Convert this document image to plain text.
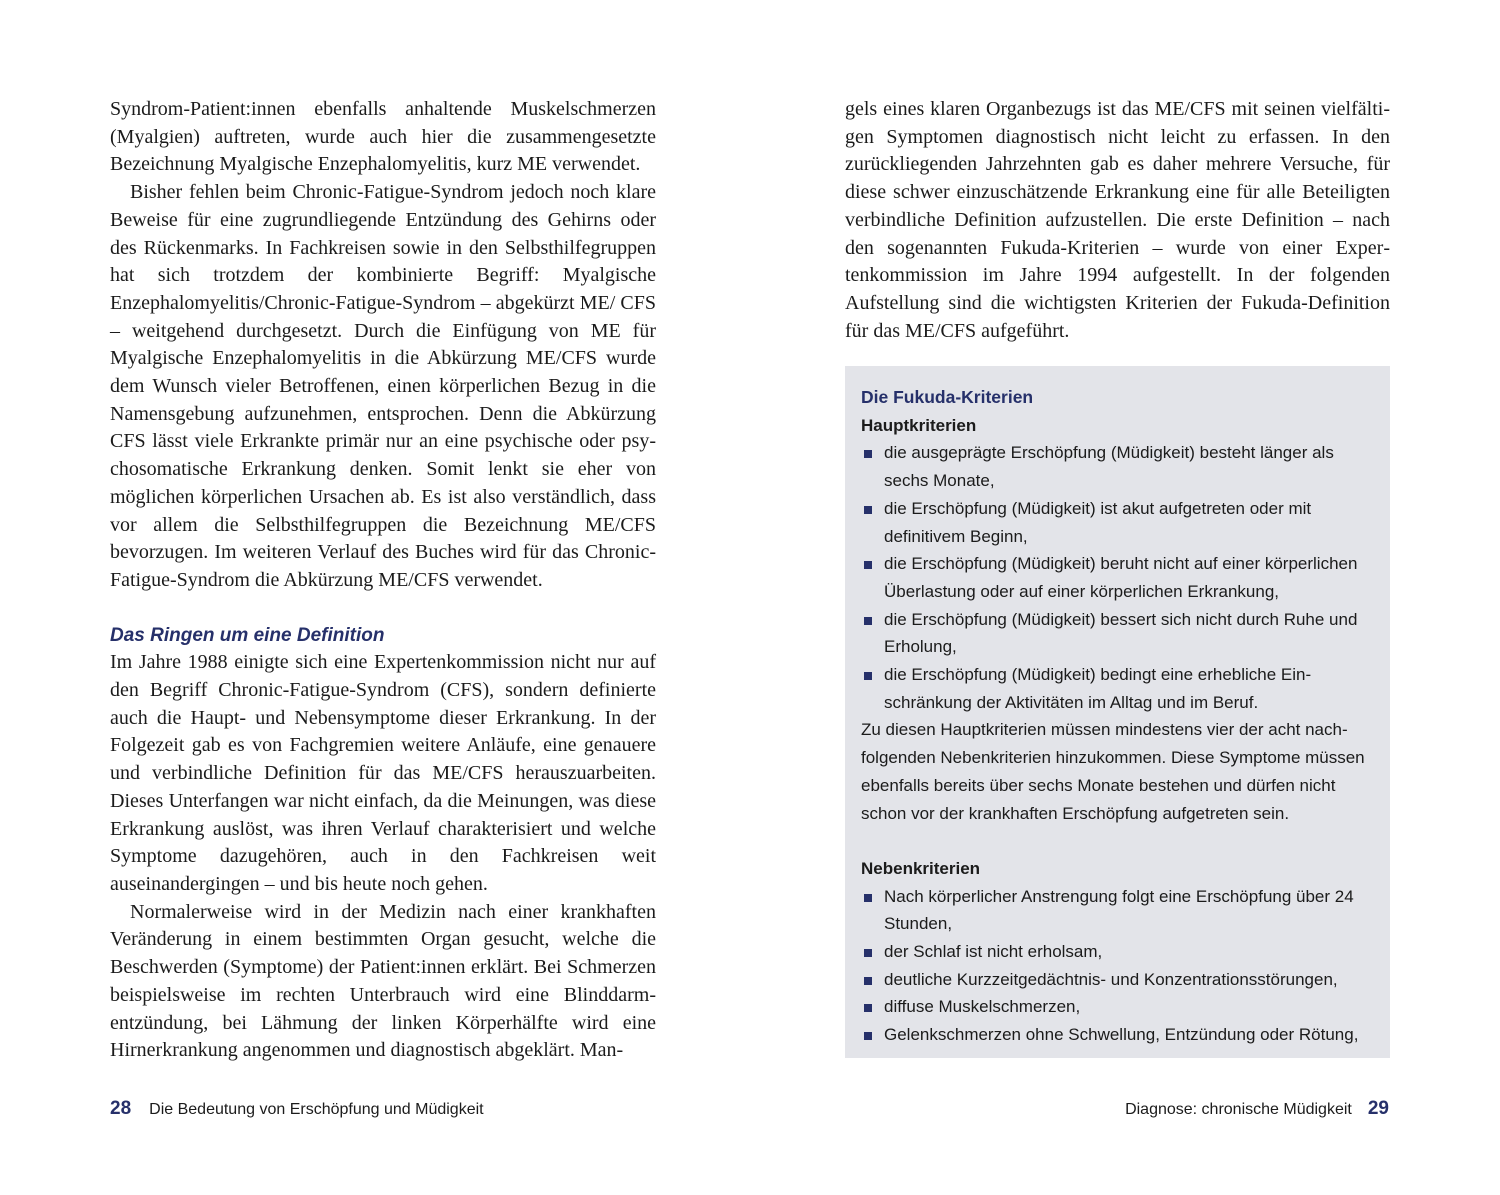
Syndrom-Patient:innen ebenfalls anhaltende Muskelschmerzen (Myalgien) auftreten, wurde auch hier die zusammengesetzte Bezeichnung Myalgische Enzephalomyelitis, kurz ME verwendet.

Bisher fehlen beim Chronic-Fatigue-Syndrom jedoch noch klare Beweise für eine zugrundliegende Entzündung des Gehirns oder des Rückenmarks. In Fachkreisen sowie in den Selbsthilfegruppen hat sich trotzdem der kombinierte Begriff: Myalgische Enzephalomyelitis/Chronic-Fatigue-Syndrom – abgekürzt ME/ CFS – weitgehend durchgesetzt. Durch die Einfügung von ME für Myalgische Enzephalomyelitis in die Abkürzung ME/CFS wurde dem Wunsch vieler Betroffenen, einen körperlichen Bezug in die Namensgebung aufzunehmen, entsprochen. Denn die Abkürzung CFS lässt viele Erkrankte primär nur an eine psychische oder psychosomatische Erkrankung denken. Somit lenkt sie eher von möglichen körperlichen Ursachen ab. Es ist also verständlich, dass vor allem die Selbsthilfegruppen die Bezeichnung ME/CFS bevorzugen. Im weiteren Verlauf des Buches wird für das Chronic-Fatigue-Syndrom die Abkürzung ME/CFS verwendet.

Das Ringen um eine Definition

Im Jahre 1988 einigte sich eine Expertenkommission nicht nur auf den Begriff Chronic-Fatigue-Syndrom (CFS), sondern definierte auch die Haupt- und Nebensymptome dieser Erkrankung. In der Folgezeit gab es von Fachgremien weitere Anläufe, eine genauere und verbindliche Definition für das ME/CFS herauszuarbeiten. Dieses Unterfangen war nicht einfach, da die Meinungen, was diese Erkrankung auslöst, was ihren Verlauf charakterisiert und welche Symptome dazugehören, auch in den Fachkreisen weit auseinandergingen – und bis heute noch gehen.

Normalerweise wird in der Medizin nach einer krankhaften Veränderung in einem bestimmten Organ gesucht, welche die Beschwerden (Symptome) der Patient:innen erklärt. Bei Schmerzen beispielsweise im rechten Unterbrauch wird eine Blinddarmentzündung, bei Lähmung der linken Körperhälfte wird eine Hirnerkrankung angenommen und diagnostisch abgeklärt. Man-

28 Die Bedeutung von Erschöpfung und Müdigkeit

gels eines klaren Organbezugs ist das ME/CFS mit seinen vielfältigen Symptomen diagnostisch nicht leicht zu erfassen. In den zurückliegenden Jahrzehnten gab es daher mehrere Versuche, für diese schwer einzuschätzende Erkrankung eine für alle Beteiligten verbindliche Definition aufzustellen. Die erste Definition – nach den sogenannten Fukuda-Kriterien – wurde von einer Expertenkommission im Jahre 1994 aufgestellt. In der folgenden Aufstellung sind die wichtigsten Kriterien der Fukuda-Definition für das ME/CFS aufgeführt.

Die Fukuda-Kriterien
Hauptkriterien
die ausgeprägte Erschöpfung (Müdigkeit) besteht länger als sechs Monate,
die Erschöpfung (Müdigkeit) ist akut aufgetreten oder mit definitivem Beginn,
die Erschöpfung (Müdigkeit) beruht nicht auf einer körperlichen Überlastung oder auf einer körperlichen Erkrankung,
die Erschöpfung (Müdigkeit) bessert sich nicht durch Ruhe und Erholung,
die Erschöpfung (Müdigkeit) bedingt eine erhebliche Einschränkung der Aktivitäten im Alltag und im Beruf.

Zu diesen Hauptkriterien müssen mindestens vier der acht nachfolgenden Nebenkriterien hinzukommen. Diese Symptome müssen ebenfalls bereits über sechs Monate bestehen und dürfen nicht schon vor der krankhaften Erschöpfung aufgetreten sein.

Nebenkriterien
Nach körperlicher Anstrengung folgt eine Erschöpfung über 24 Stunden,
der Schlaf ist nicht erholsam,
deutliche Kurzzeitgedächtnis- und Konzentrationsstörungen,
diffuse Muskelschmerzen,
Gelenkschmerzen ohne Schwellung, Entzündung oder Rötung,
Diagnose: chronische Müdigkeit 29
